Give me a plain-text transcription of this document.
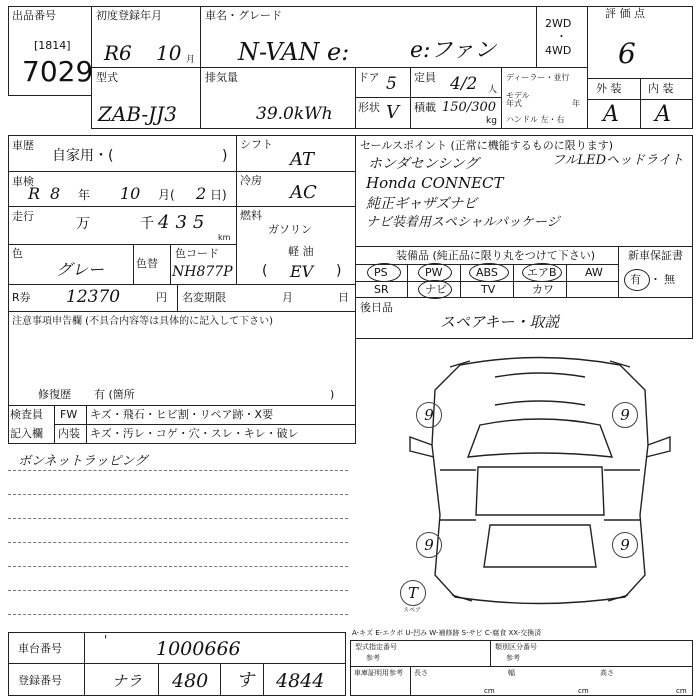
出品番号
[1814]
7029
初度登録年月
R6 10 月
車名・グレード
N-VAN e:	e:ファン
2WD
・
4WD
評 価 点
6
型式
ZAB-JJ3
排気量
39.0kWh
ドア 5 定員 4/2 人
形状 V 積載 150/300
kg
ディーラー・並行
モデル年式	年
ハンドル 左・右
外 装 内 装
A A
車歴
自家用・(	)
車検
R 8 年 10 月( 2 日)
走行	万	千 435
km
色
グレー	色替
色コード
NH877P
シフト
AT
冷房
AC
燃料
ガソリン
軽 油
( EV )
R券 12370	円 名変期限	月	日
注意事項申告欄 (不具合内容等は具体的に記入して下さい)
修復歴 有 (箇所	)
検査員
記入欄
FW キズ・飛石・ヒビ割・リペア跡・X要
内装 キズ・汚レ・コゲ・穴・スレ・キレ・破レ
ボンネットラッピング
セールスポイント (正常に機能するものに限ります)
ホンダセンシング	フルLEDヘッドライト
Honda CONNECT
純正ギャザズナビ
ナビ装着用スペシャルパッケージ
装備品 (純正品に限り丸をつけて下さい)	新車保証書
有 ・ 無
PS	PW	ABS	エアB	AW
SR	ナビ	TV	カワ
後日品
スペアキー・取説
9	9
9	9
T
スペア
車台番号
'	1000666
登録番号	ナラ 480 す 4844
A-キズ E-エクボ U-凹み W-補修跡 S-サビ C-腐食 XX-交換済
型式指定番号
参考
類別区分番号
参考
車庫証明用参考	長さ	幅	高さ
cm	cm	cm
